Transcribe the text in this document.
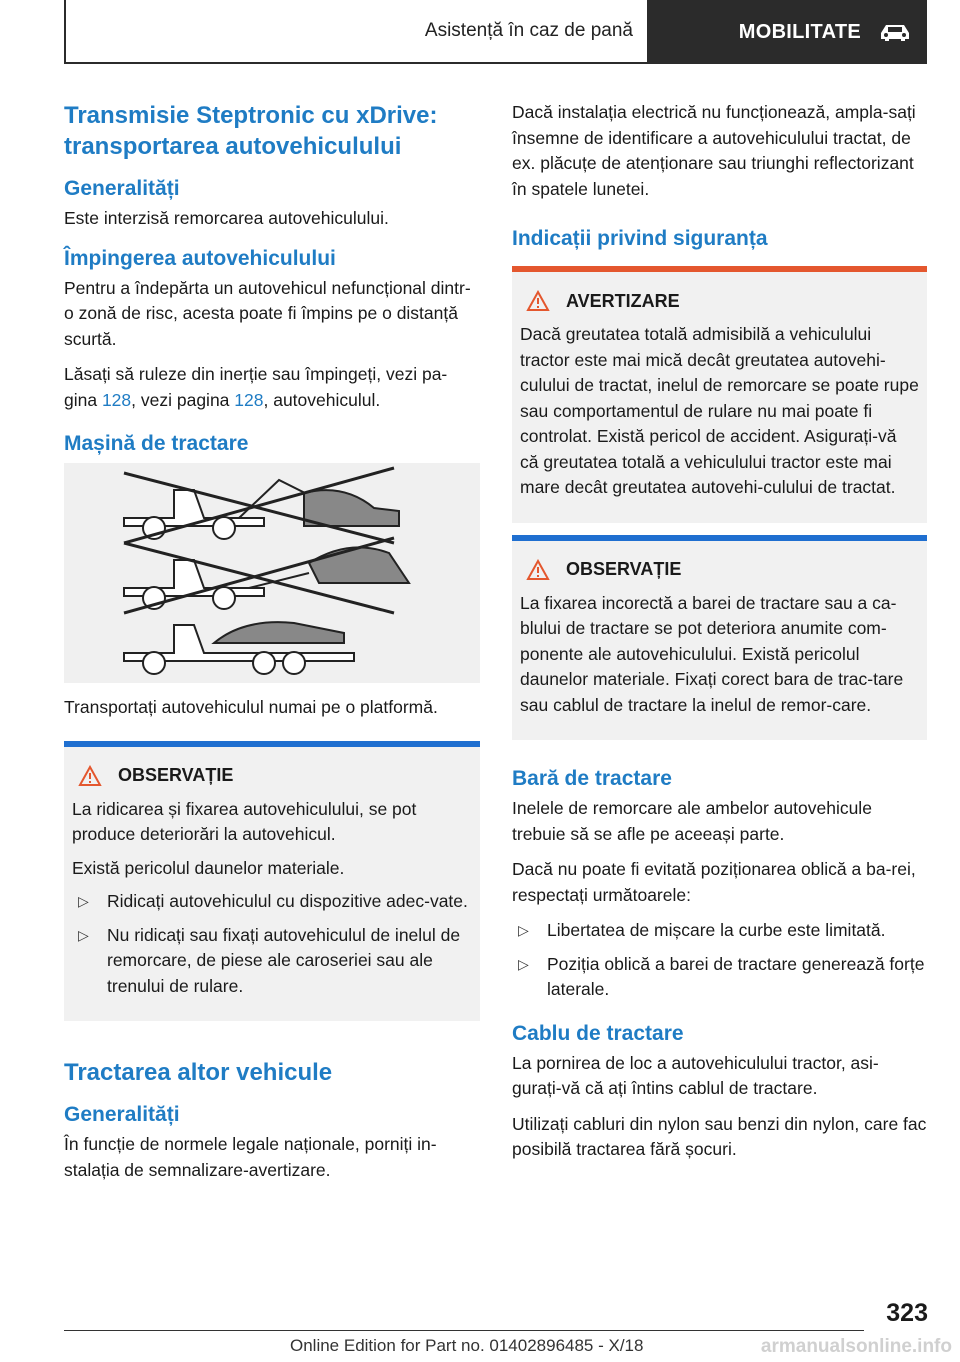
Asistență în caz de pană	MOBILITATE
Transmisie Steptronic cu xDrive: transportarea autovehiculului
Generalități
Este interzisă remorcarea autovehiculului.
Împingerea autovehiculului
Pentru a îndepărta un autovehicul nefuncțional dintr-o zonă de risc, acesta poate fi împins pe o distanță scurtă.
Lăsați să ruleze din inerție sau împingeți, vezi pa-gina 128, vezi pagina 128, autovehiculul.
Mașină de tractare
Transportați autovehiculul numai pe o platformă.
OBSERVAȚIE
La ridicarea și fixarea autovehiculului, se pot produce deteriorări la autovehicul.
Există pericolul daunelor materiale.
▷	Ridicați autovehiculul cu dispozitive adec-vate.
▷	Nu ridicați sau fixați autovehiculul de inelul de remorcare, de piese ale caroseriei sau ale trenului de rulare.
Tractarea altor vehicule
Generalități
În funcție de normele legale naționale, porniți in-stalația de semnalizare-avertizare.
Dacă instalația electrică nu funcționează, ampla-sați însemne de identificare a autovehiculului tractat, de ex. plăcuțe de atenționare sau triunghi reflectorizant în spatele lunetei.
Indicații privind siguranța
AVERTIZARE
Dacă greutatea totală admisibilă a vehiculului tractor este mai mică decât greutatea autovehi-culului de tractat, inelul de remorcare se poate rupe sau comportamentul de rulare nu mai poate fi controlat. Există pericol de accident. Asigurați-vă că greutatea totală a vehiculului tractor este mai mare decât greutatea autovehi-culului de tractat.
OBSERVAȚIE
La fixarea incorectă a barei de tractare sau a ca-blului de tractare se pot deteriora anumite com-ponente ale autovehiculului. Există pericolul daunelor materiale. Fixați corect bara de trac-tare sau cablul de tractare la inelul de remor-care.
Bară de tractare
Inelele de remorcare ale ambelor autovehicule trebuie să se afle pe aceeași parte.
Dacă nu poate fi evitată poziționarea oblică a ba-rei, respectați următoarele:
▷	Libertatea de mișcare la curbe este limitată.
▷	Poziția oblică a barei de tractare generează forțe laterale.
Cablu de tractare
La pornirea de loc a autovehiculului tractor, asi-gurați-vă că ați întins cablul de tractare.
Utilizați cabluri din nylon sau benzi din nylon, care fac posibilă tractarea fără șocuri.
323
Online Edition for Part no. 01402896485 - X/18	armanualsonline.info
